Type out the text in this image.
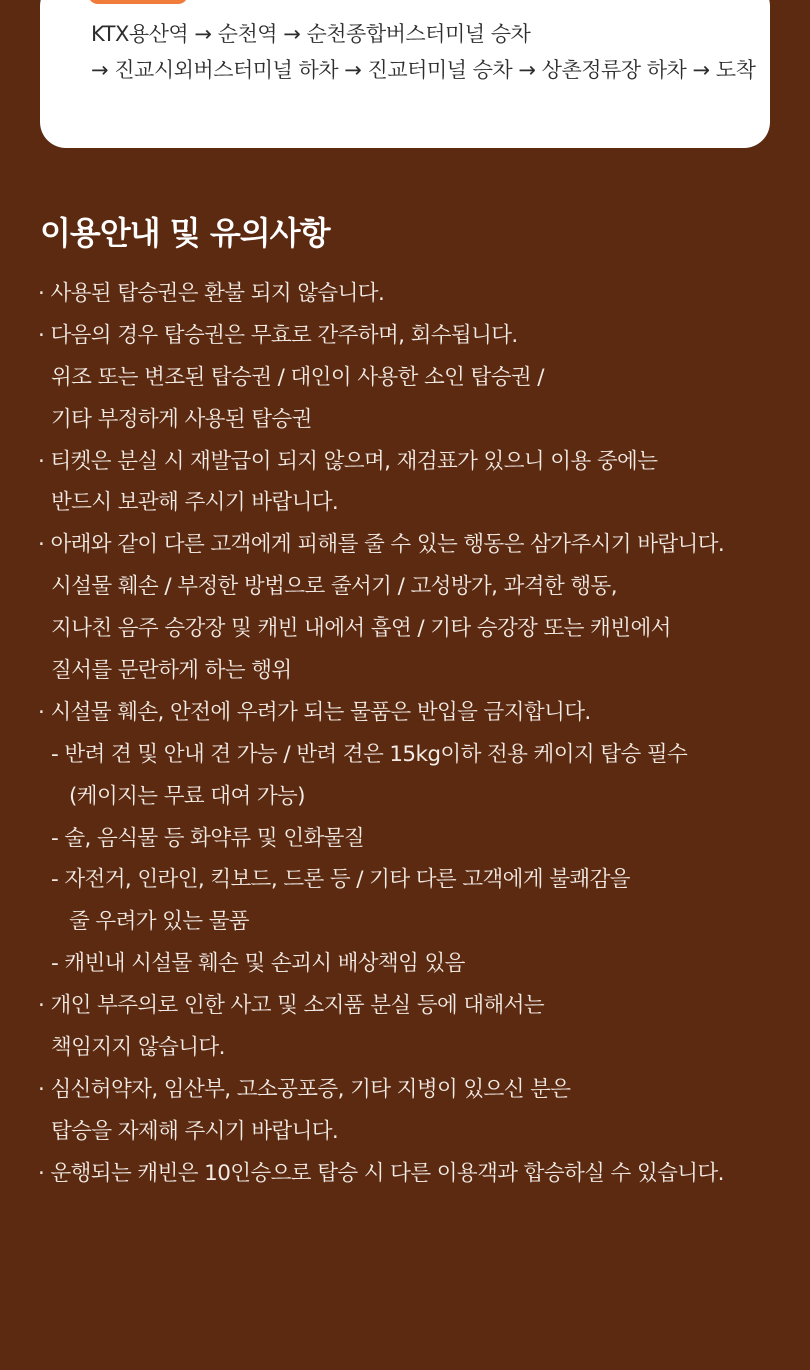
KTX용산역 → 순천역 → 순천종합버스터미널 승차
→ 진교시외버스터미널 하차 → 진교터미널 승차 → 상촌정류장 하차 → 도착
이용안내 및 유의사항
· 사용된 탑승권은 환불 되지 않습니다.
· 다음의 경우 탑승권은 무효로 간주하며, 회수됩니다.
위조 또는 변조된 탑승권 / 대인이 사용한 소인 탑승권 /
기타 부정하게 사용된 탑승권
· 티켓은 분실 시 재발급이 되지 않으며, 재검표가 있으니 이용 중에는
반드시 보관해 주시기 바랍니다.
· 아래와 같이 다른 고객에게 피해를 줄 수 있는 행동은 삼가주시기 바랍니다.
시설물 훼손 / 부정한 방법으로 줄서기 / 고성방가, 과격한 행동,
지나친 음주 승강장 및 캐빈 내에서 흡연 / 기타 승강장 또는 캐빈에서
질서를 문란하게 하는 행위
· 시설물 훼손, 안전에 우려가 되는 물품은 반입을 금지합니다.
- 반려 견 및 안내 견 가능 / 반려 견은 15kg이하 전용 케이지 탑승 필수
(케이지는 무료 대여 가능)
- 술, 음식물 등 화약류 및 인화물질
- 자전거, 인라인, 킥보드, 드론 등 / 기타 다른 고객에게 불쾌감을
줄 우려가 있는 물품
- 캐빈내 시설물 훼손 및 손괴시 배상책임 있음
· 개인 부주의로 인한 사고 및 소지품 분실 등에 대해서는
책임지지 않습니다.
· 심신허약자, 임산부, 고소공포증, 기타 지병이 있으신 분은
탑승을 자제해 주시기 바랍니다.
· 운행되는 캐빈은 10인승으로 탑승 시 다른 이용객과 합승하실 수 있습니다.
